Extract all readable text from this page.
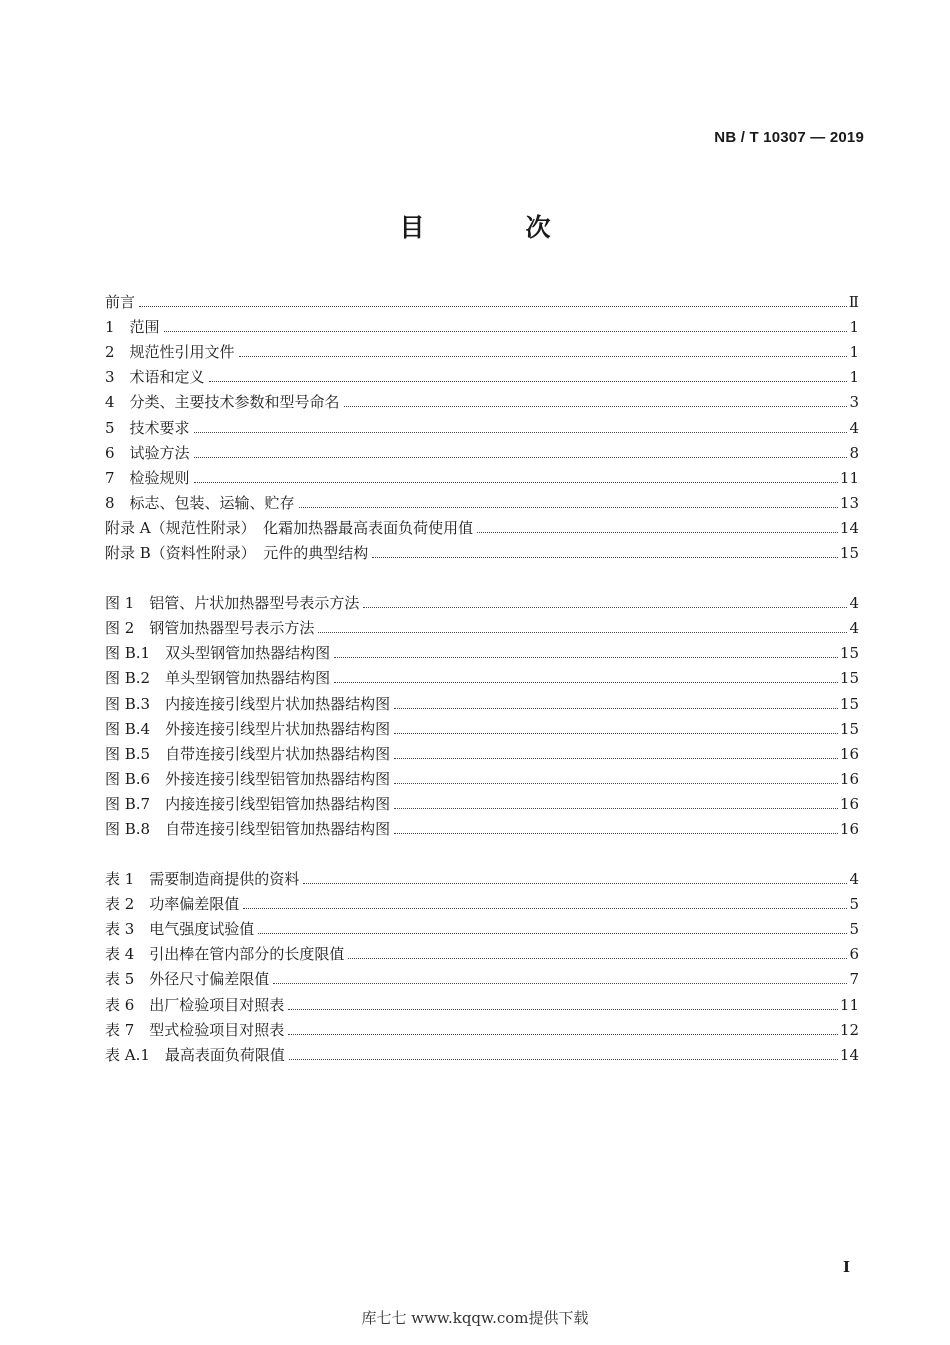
NB / T 10307 — 2019
目　次
前言	Ⅱ
1　范围	1
2　规范性引用文件	1
3　术语和定义	1
4　分类、主要技术参数和型号命名	3
5　技术要求	4
6　试验方法	8
7　检验规则	11
8　标志、包装、运输、贮存	13
附录 A（规范性附录）　化霜加热器最高表面负荷使用值	14
附录 B（资料性附录）　元件的典型结构	15
图 1　铝管、片状加热器型号表示方法	4
图 2　钢管加热器型号表示方法	4
图 B.1　双头型钢管加热器结构图	15
图 B.2　单头型钢管加热器结构图	15
图 B.3　内接连接引线型片状加热器结构图	15
图 B.4　外接连接引线型片状加热器结构图	15
图 B.5　自带连接引线型片状加热器结构图	16
图 B.6　外接连接引线型铝管加热器结构图	16
图 B.7　内接连接引线型铝管加热器结构图	16
图 B.8　自带连接引线型铝管加热器结构图	16
表 1　需要制造商提供的资料	4
表 2　功率偏差限值	5
表 3　电气强度试验值	5
表 4　引出棒在管内部分的长度限值	6
表 5　外径尺寸偏差限值	7
表 6　出厂检验项目对照表	11
表 7　型式检验项目对照表	12
表 A.1　最高表面负荷限值	14
I
库七七 www.kqqw.com提供下载
